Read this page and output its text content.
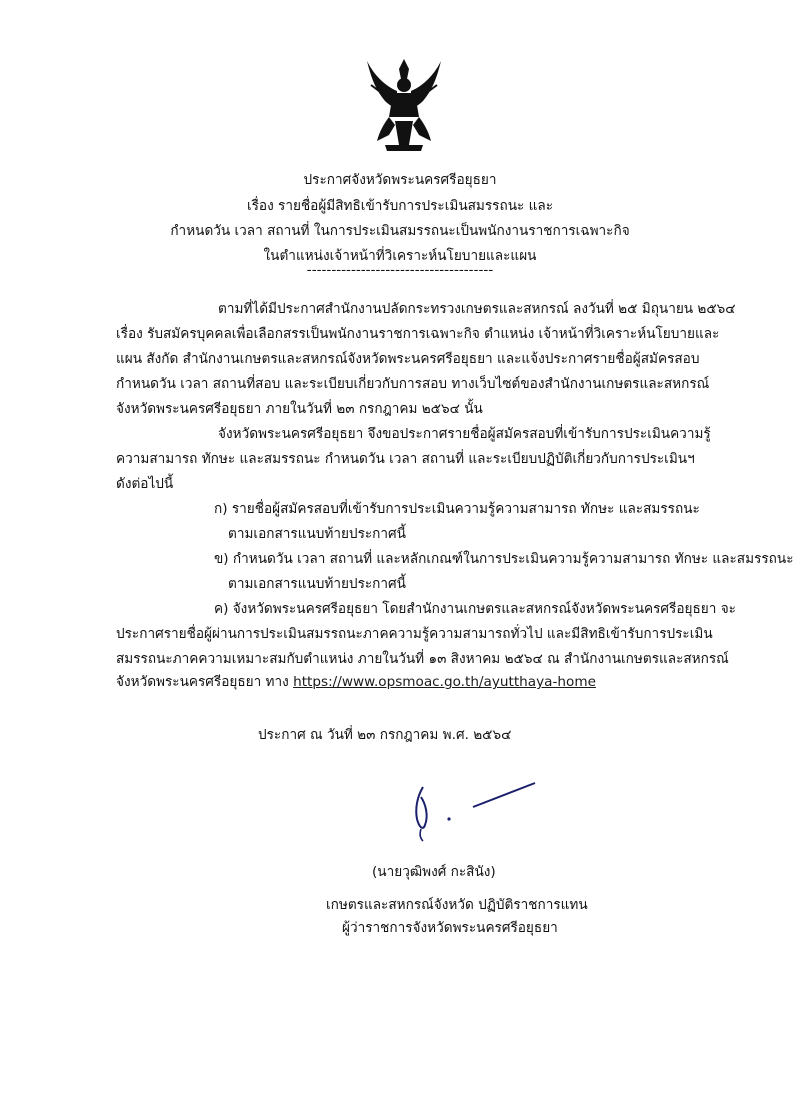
ประกาศจังหวัดพระนครศรีอยุธยา
เรื่อง รายชื่อผู้มีสิทธิเข้ารับการประเมินสมรรถนะ และ
กำหนดวัน เวลา สถานที่ ในการประเมินสมรรถนะเป็นพนักงานราชการเฉพาะกิจ
ในตำแหน่งเจ้าหน้าที่วิเคราะห์นโยบายและแผน
--------------------------------------
ตามที่ได้มีประกาศสำนักงานปลัดกระทรวงเกษตรและสหกรณ์ ลงวันที่ ๒๕ มิถุนายน ๒๕๖๔
เรื่อง รับสมัครบุคคลเพื่อเลือกสรรเป็นพนักงานราชการเฉพาะกิจ ตำแหน่ง เจ้าหน้าที่วิเคราะห์นโยบายและ
แผน สังกัด สำนักงานเกษตรและสหกรณ์จังหวัดพระนครศรีอยุธยา และแจ้งประกาศรายชื่อผู้สมัครสอบ
กำหนดวัน เวลา สถานที่สอบ และระเบียบเกี่ยวกับการสอบ ทางเว็บไซต์ของสำนักงานเกษตรและสหกรณ์
จังหวัดพระนครศรีอยุธยา ภายในวันที่ ๒๓ กรกฎาคม ๒๕๖๔ นั้น
จังหวัดพระนครศรีอยุธยา จึงขอประกาศรายชื่อผู้สมัครสอบที่เข้ารับการประเมินความรู้
ความสามารถ ทักษะ และสมรรถนะ กำหนดวัน เวลา สถานที่ และระเบียบปฏิบัติเกี่ยวกับการประเมินฯ
ดังต่อไปนี้
ก) รายชื่อผู้สมัครสอบที่เข้ารับการประเมินความรู้ความสามารถ ทักษะ และสมรรถนะ
ตามเอกสารแนบท้ายประกาศนี้
ข) กำหนดวัน เวลา สถานที่ และหลักเกณฑ์ในการประเมินความรู้ความสามารถ ทักษะ และสมรรถนะ
ตามเอกสารแนบท้ายประกาศนี้
ค) จังหวัดพระนครศรีอยุธยา โดยสำนักงานเกษตรและสหกรณ์จังหวัดพระนครศรีอยุธยา จะ
ประกาศรายชื่อผู้ผ่านการประเมินสมรรถนะภาคความรู้ความสามารถทั่วไป และมีสิทธิเข้ารับการประเมิน
สมรรถนะภาคความเหมาะสมกับตำแหน่ง ภายในวันที่ ๑๓ สิงหาคม ๒๕๖๔ ณ สำนักงานเกษตรและสหกรณ์
จังหวัดพระนครศรีอยุธยา ทาง https://www.opsmoac.go.th/ayutthaya-home
ประกาศ ณ วันที่ ๒๓ กรกฎาคม พ.ศ. ๒๕๖๔
(นายวุฒิพงศ์ กะสินัง)
เกษตรและสหกรณ์จังหวัด ปฏิบัติราชการแทน
ผู้ว่าราชการจังหวัดพระนครศรีอยุธยา
